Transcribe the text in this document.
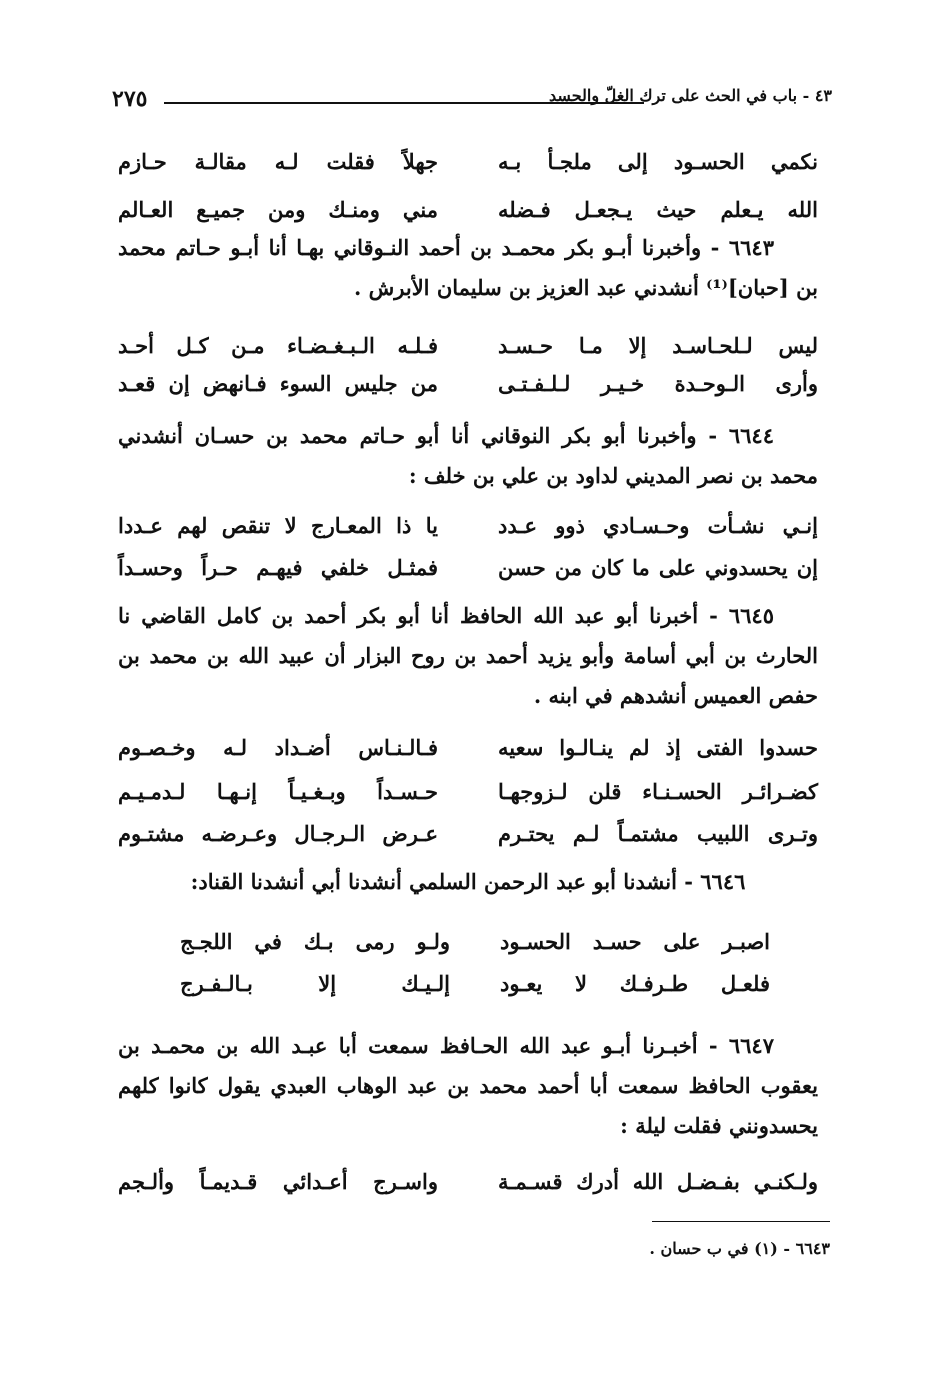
٢٧٥	٤٣ - باب في الحث على ترك الغلّ والحسد
نكمي الحسـود إلى ملجـأ بـه
جهلاً فقلت لـه مقالـة حـازم
الله يـعلم حيث يـجعـل فـضله
مني ومنـك ومن جميـع العـالم

٦٦٤٣ - وأخبرنا أبـو بكر محمـد بن أحمد النـوقاني بهـا أنا أبـو حـاتم محمد بن [حبان]⁽¹⁾ أنشدني عبد العزيز بن سليمان الأبرش .

ليس لـلحـاسـد إلا مـا حـسـد
فـلـه الـبـغـضـاء مـن كـل أحـد
وأرى الـوحـدة خـيـر لـلـفـتـى
من جليس السوء فـانهض إن قعـد

٦٦٤٤ - وأخبرنا أبو بكر النوقاني أنا أبو حـاتم محمد بن حسـان أنشدني محمد بن نصر المديني لداود بن علي بن خلف :

إنـي نشـأت وحـسـادي ذوو عـدد
يا ذا المعـارج لا تنقص لهم عـددا
إن يحسدوني على ما كان من حسن
فمثـل خلفي فيهـم حـراً وحسـداً

٦٦٤٥ - أخبرنا أبو عبد الله الحافظ أنا أبو بكر أحمد بن كامل القاضي نا الحارث بن أبي أسامة وأبو يزيد أحمد بن روح البزار أن عبيد الله بن محمد بن حفص العميس أنشدهم في ابنه .

حسدوا الفتى إذ لم ينـالـوا سعيه
فـالـنـاس أضـداد لـه وخـصـوم
كضـرائـر الحسـنـاء قلن لـزوجهـا
حـسـداً وبـغـيـاً إنـهـا لـدمـيـم
وتـرى اللبيب مشتمـاً لـم يحتـرم
عـرض الـرجـال وعـرضـه مشتـوم

٦٦٤٦ - أنشدنا أبو عبد الرحمن السلمي أنشدنا أبي أنشدنا القناد:

اصبـر على حسـد الحسـود
ولـو رمى بـك في اللجـج
فلعـل طـرفـك لا يعـود
إلـيـك إلا بـالـفـرج

٦٦٤٧ - أخبـرنا أبـو عبد الله الحـافظ سمعت أبا عبـد الله بن محمـد بن يعقوب الحافظ سمعت أبا أحمد محمد بن عبد الوهاب العبدي يقول كانوا كلهم يحسدونني فقلت ليلة :

ولـكنـي بفـضـل الله أدرك قسـمـة
واسـرج أعـدائي قـديمـاً وألـجم
٦٦٤٣ - (١) في ب حسان .
